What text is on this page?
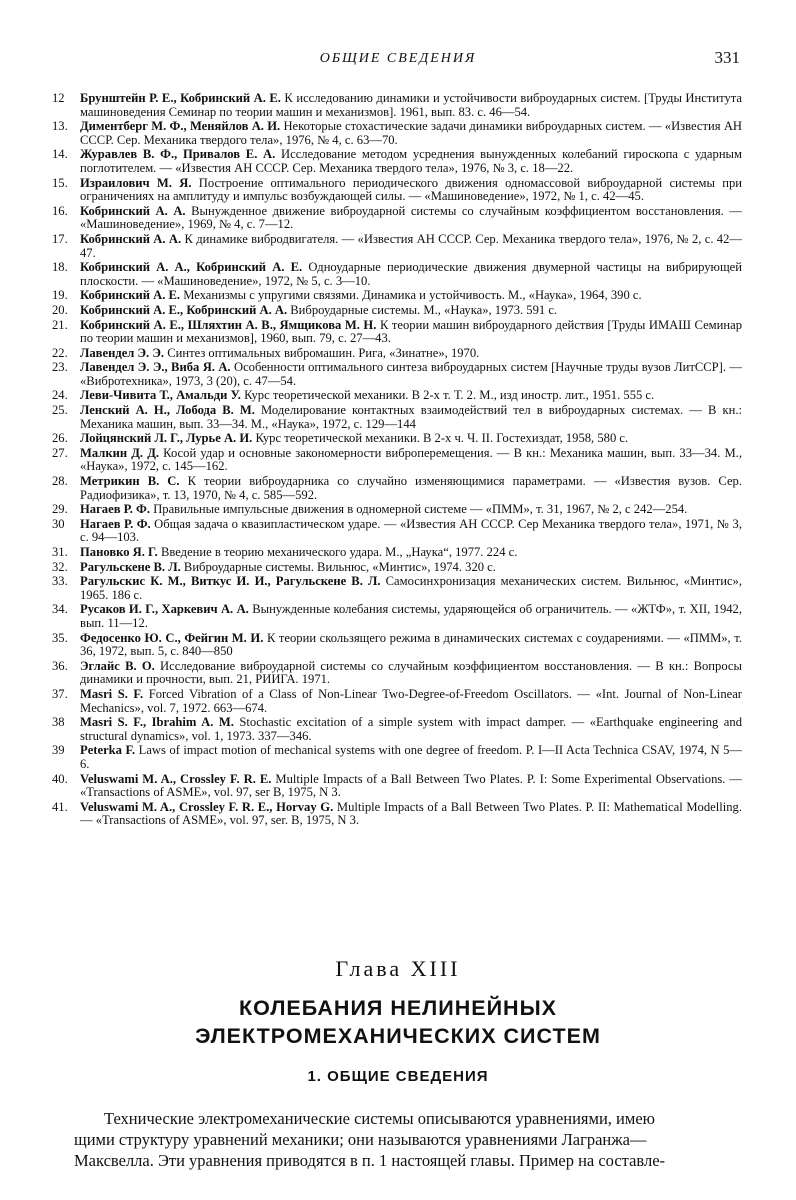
ОБЩИЕ СВЕДЕНИЯ	331
12	Брунштейн Р. Е., Кобринский А. Е. К исследованию динамики и устойчивости виброударных систем. [Труды Института машиноведения Семинар по теории машин и механизмов]. 1961, вып. 83. с. 46—54.
13. Диментберг М. Ф., Меняйлов А. И. Некоторые стохастические задачи динамики виброударных систем. — «Известия АН СССР. Сер. Механика твердого тела», 1976, № 4, с. 63—70.
14. Журавлев В. Ф., Привалов Е. А. Исследование методом усреднения вынужденных колебаний гироскопа с ударным поглотителем. — «Известия АН СССР. Сер. Механика твердого тела», 1976, № 3, с. 18—22.
15. Израилович М. Я. Построение оптимального периодического движения одномассовой виброударной системы при ограничениях на амплитуду и импульс возбуждающей силы. — «Машиноведение», 1972, № 1, с. 42—45.
16. Кобринский А. А. Вынужденное движение виброударной системы со случайным коэффициентом восстановления. — «Машиноведение», 1969, № 4, с. 7—12.
17. Кобринский А. А. К динамике вибродвигателя. — «Известия АН СССР. Сер. Механика твердого тела», 1976, № 2, с. 42—47.
18. Кобринский А. А., Кобринский А. Е. Одноударные периодические движения двумерной частицы на вибрирующей плоскости. — «Машиноведение», 1972, № 5, с. 3—10.
19. Кобринский А. Е. Механизмы с упругими связями. Динамика и устойчивость. М., «Наука», 1964, 390 с.
20. Кобринский А. Е., Кобринский А. А. Виброударные системы. М., «Наука», 1973. 591 с.
21. Кобринский А. Е., Шляхтин А. В., Ямщикова М. Н. К теории машин виброударного действия [Труды ИМАШ Семинар по теории машин и механизмов], 1960, вып. 79, с. 27—43.
22. Лавендел Э. Э. Синтез оптимальных вибромашин. Рига, «Зинатне», 1970.
23. Лавендел Э. Э., Виба Я. А. Особенности оптимального синтеза виброударных систем [Научные труды вузов ЛитССР]. — «Вибротехника», 1973, 3 (20), с. 47—54.
24. Леви-Чивита Т., Амальди У. Курс теоретической механики. В 2-х т. Т. 2. М., изд иностр. лит., 1951. 555 с.
25. Ленский А. Н., Лобода В. М. Моделирование контактных взаимодействий тел в виброударных системах. — В кн.: Механика машин, вып. 33—34. М., «Наука», 1972, с. 129—144
26. Лойцянский Л. Г., Лурье А. И. Курс теоретической механики. В 2-х ч. Ч. II. Гостехиздат, 1958, 580 с.
27. Малкин Д. Д. Косой удар и основные закономерности виброперемещения. — В кн.: Механика машин, вып. 33—34. М., «Наука», 1972, с. 145—162.
28. Метрикин В. С. К теории виброударника со случайно изменяющимися параметрами. — «Известия вузов. Сер. Радиофизика», т. 13, 1970, № 4, с. 585—592.
29. Нагаев Р. Ф. Правильные импульсные движения в одномерной системе — «ПММ», т. 31, 1967, № 2, с 242—254.
30	Нагаев Р. Ф. Общая задача о квазипластическом ударе. — «Известия АН СССР. Сер Механика твердого тела», 1971, № 3, с. 94—103.
31. Пановко Я. Г. Введение в теорию механического удара. М., „Наука“, 1977. 224 с.
32. Рагульскене В. Л. Виброударные системы. Вильнюс, «Минтис», 1974. 320 с.
33. Рагульскис К. М., Виткус И. И., Рагульскене В. Л. Самосинхронизация механических систем. Вильнюс, «Минтис», 1965. 186 с.
34. Русаков И. Г., Харкевич А. А. Вынужденные колебания системы, ударяющейся об ограничитель. — «ЖТФ», т. XII, 1942, вып. 11—12.
35. Федосенко Ю. С., Фейгин М. И. К теории скользящего режима в динамических системах с соударениями. — «ПММ», т. 36, 1972, вып. 5, с. 840—850
36. Эглайс В. О. Исследование виброударной системы со случайным коэффициентом восстановления. — В кн.: Вопросы динамики и прочности, вып. 21, РИИГА. 1971.
37. Masri S. F. Forced Vibration of a Class of Non-Linear Two-Degree-of-Freedom Oscillators. — «Int. Journal of Non-Linear Mechanics», vol. 7, 1972. 663—674.
38	Masri S. F., Ibrahim A. M. Stochastic excitation of a simple system with impact damper. — «Earthquake engineering and structural dynamics», vol. 1, 1973. 337—346.
39	Peterka F. Laws of impact motion of mechanical systems with one degree of freedom. P. I—II Acta Technica CSAV, 1974, N 5—6.
40. Veluswami M. A., Crossley F. R. E. Multiple Impacts of a Ball Between Two Plates. P. I: Some Experimental Observations. — «Transactions of ASME», vol. 97, ser B, 1975, N 3.
41. Veluswami M. A., Crossley F. R. E., Horvay G. Multiple Impacts of a Ball Between Two Plates. P. II: Mathematical Modelling. — «Transactions of ASME», vol. 97, ser. B, 1975, N 3.
Глава XIII
КОЛЕБАНИЯ НЕЛИНЕЙНЫХ
ЭЛЕКТРОМЕХАНИЧЕСКИХ СИСТЕМ
1. ОБЩИЕ СВЕДЕНИЯ
Технические электромеханические системы описываются уравнениями, имею
щими структуру уравнений механики; они называются уравнениями Лагранжа—
Максвелла. Эти уравнения приводятся в п. 1 настоящей главы. Пример на составле-
